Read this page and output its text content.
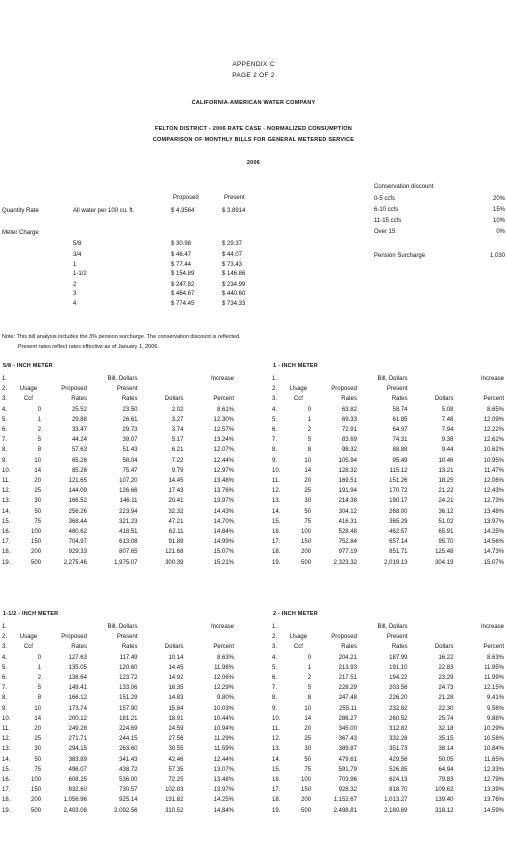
APPENDIX C
PAGE 2 OF 2
CALIFORNIA-AMERICAN WATER COMPANY
FELTON DISTRICT - 2006 RATE CASE - NORMALIZED CONSUMPTION
COMPARISON OF MONTHLY BILLS FOR GENERAL METERED SERVICE
2006
Proposed	Present
Quantity Rate	All water per 100 cu. ft.	$ 4.3564	$ 3.8914
Meter Charge
5/8	$ 30.98	$ 29.37
3/4	$ 46.47	$ 44.07
1	$ 77.44	$ 73.43
1-1/2	$ 154.89	$ 146.86
2	$ 247.82	$ 234.99
3	$ 464.67	$ 440.60
4	$ 774.45	$ 734.33
Conservation discount
0-5 ccfs	20%
6-10 ccfs	15%
11-15 ccfs	10%
Over 15	0%
Pension Surcharge	1.030
Note: This bill analysis includes the 3% pension surcharge. The conservation discount is reflected.
Present rates reflect rates effective as of January 1, 2006.
5/8 - INCH METER
1.			Bill, Dollars		Increase
2.	Usage	Proposed	Present		
3.	Ccf	Rates	Rates	Dollars	Percent
4.	0	25.52	23.50	2.02	8.61%
5.	1	29.88	26.61	3.27	12.30%
6.	2	33.47	29.73	3.74	12.57%
7.	5	44.24	39.07	5.17	13.24%
8.	8	57.63	51.43	6.21	12.07%
9.	10	65.26	58.04	7.22	12.44%
10.	14	85.26	75.47	9.79	12.97%
11.	20	121.65	107.20	14.45	13.48%
12.	25	144.09	126.66	17.43	13.76%
13.	30	166.52	146.11	20.41	13.97%
14.	50	256.26	223.94	32.32	14.43%
15.	75	368.44	321.23	47.21	14.70%
16.	100	480.62	418.51	62.11	14.84%
17.	150	704.97	613.08	91.89	14.99%
18.	200	929.33	807.65	121.68	15.07%
19.	500	2,275.46	1,975.07	300.39	15.21%
1 - INCH METER
1.			Bill, Dollars		Increase
2.	Usage	Proposed	Present		
3.	Ccf	Rates	Rates	Dollars	Percent
4.	0	63.82	58.74	5.08	8.65%
5.	1	69.33	61.85	7.48	12.09%
6.	2	72.91	64.97	7.94	12.22%
7.	5	83.69	74.31	9.38	12.62%
8.	8	98.32	88.88	9.44	10.62%
9.	10	105.94	95.49	10.46	10.95%
10.	14	128.32	115.12	13.21	11.47%
11.	20	169.51	151.26	18.25	12.06%
12.	25	191.94	170.72	21.22	12.43%
13.	30	214.38	190.17	24.21	12.73%
14.	50	304.12	268.00	36.12	13.48%
15.	75	416.31	365.29	51.02	13.97%
16.	100	528.48	462.57	65.91	14.25%
17.	150	752.84	657.14	95.70	14.56%
18.	200	977.19	851.71	125.48	14.73%
19.	500	2,323.32	2,019.13	304.19	15.07%
1-1/2 - INCH METER
1.			Bill, Dollars		Increase
2.	Usage	Proposed	Present		
3.	Ccf	Rates	Rates	Dollars	Percent
4.	0	127.63	117.49	10.14	8.63%
5.	1	135.05	120.60	14.45	11.98%
6.	2	138.64	123.72	14.92	12.06%
7.	5	149.41	133.06	16.35	12.29%
8.	8	166.12	151.29	14.83	9.80%
9.	10	173.74	157.90	15.84	10.03%
10.	14	200.12	181.21	18.91	10.44%
11.	20	249.28	224.69	24.59	10.94%
12.	25	271.71	244.15	27.56	11.29%
13.	30	294.15	263.60	30.55	11.59%
14.	50	383.89	341.43	42.46	12.44%
15.	75	496.07	438.72	57.35	13.07%
16.	100	608.25	536.00	72.25	13.48%
17.	150	832.60	730.57	102.03	13.97%
18.	200	1,056.96	925.14	131.82	14.25%
19.	500	2,403.08	2,092.56	310.52	14.84%
2 - INCH METER
1.			Bill, Dollars		Increase
2.	Usage	Proposed	Present		
3.	Ccf	Rates	Rates	Dollars	Percent
4.	0	204.21	187.99	16.22	8.63%
5.	1	213.93	191.10	22.83	11.95%
6.	2	217.51	194.22	23.29	11.99%
7.	5	228.29	203.56	24.73	12.15%
8.	8	247.48	226.20	21.28	9.41%
9.	10	255.11	232.82	22.30	9.58%
10.	14	286.27	260.52	25.74	9.88%
11.	20	345.00	312.82	32.18	10.29%
12.	25	367.43	332.28	35.15	10.58%
13.	30	389.87	351.73	38.14	10.84%
14.	50	479.61	429.56	50.05	11.65%
15.	75	591.79	526.85	64.94	12.33%
16.	100	703.96	624.13	79.83	12.79%
17.	150	928.32	818.70	109.62	13.39%
18.	200	1,152.67	1,013.27	139.40	13.76%
19.	500	2,498.81	2,180.69	318.12	14.59%
